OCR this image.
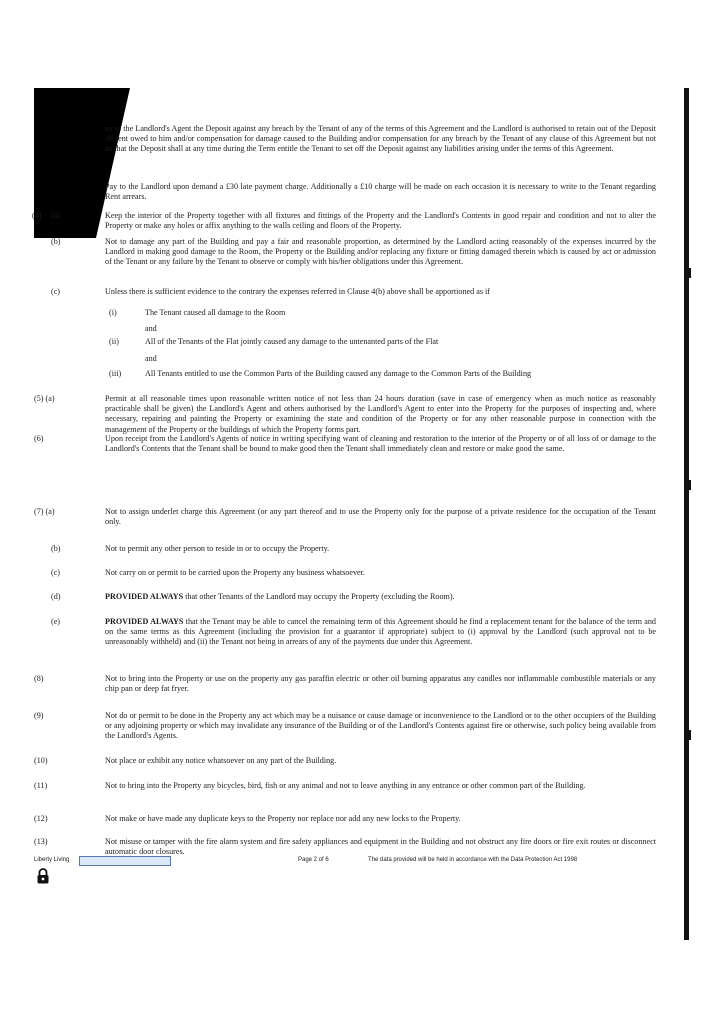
ay to the Landlord's Agent the Deposit against any breach by the Tenant of any of the terms of this Agreement and the Landlord is authorised to retain out of the Deposit all rent owed to him and/or compensation for damage caused to the Building and/or compensation for any breach by the Tenant of any clause of this Agreement but not so that the Deposit shall at any time during the Term entitle the Tenant to set off the Deposit against any liabilities arising under the terms of this Agreement.

Pay to the Landlord upon demand a £30 late payment charge. Additionally a £10 charge will be made on each occasion it is necessary to write to the Tenant regarding Rent arrears.

(4) (a)	Keep the interior of the Property together with all fixtures and fittings of the Property and the Landlord's Contents in good repair and condition and not to alter the Property or make any holes or affix anything to the walls ceiling and floors of the Property.

(b)	Not to damage any part of the Building and pay a fair and reasonable proportion, as determined by the Landlord acting reasonably of the expenses incurred by the Landlord in making good damage to the Room, the Property or the Building and/or replacing any fixture or fitting damaged therein which is caused by act or admission of the Tenant or any failure by the Tenant to observe or comply with his/her obligations under this Agreement.

(c)	Unless there is sufficient evidence to the contrary the expenses referred in Clause 4(b) above shall be apportioned as if

(i)	The Tenant caused all damage to the Room
and
(ii)	All of the Tenants of the Flat jointly caused any damage to the untenanted parts of the Flat
and
(iii)	All Tenants entitled to use the Common Parts of the Building caused any damage to the Common Parts of the Building
(5) (a)	Permit at all reasonable times upon reasonable written notice of not less than 24 hours duration (save in case of emergency when as much notice as reasonably practicable shall be given) the Landlord's Agent and others authorised by the Landlord's Agent to enter into the Property for the purposes of inspecting and, where necessary, repairing and painting the Property or examining the state and condition of the Property or for any other reasonable purpose in connection with the management of the Property or the buildings of which the Property forms part.

(6)	Upon receipt from the Landlord's Agents of notice in writing specifying want of cleaning and restoration to the interior of the Property or of all loss of or damage to the Landlord's Contents that the Tenant shall be bound to make good then the Tenant shall immediately clean and restore or make good the same.

(7) (a)	Not to assign underlet charge this Agreement (or any part thereof and to use the Property only for the purpose of a private residence for the occupation of the Tenant only.

(b)	Not to permit any other person to reside in or to occupy the Property.

(c)	Not carry on or permit to be carried upon the Property any business whatsoever.

(d)	PROVIDED ALWAYS that other Tenants of the Landlord may occupy the Property (excluding the Room).

(e)	PROVIDED ALWAYS that the Tenant may be able to cancel the remaining term of this Agreement should he find a replacement tenant for the balance of the term and on the same terms as this Agreement (including the provision for a guarantor if appropriate) subject to (i) approval by the Landlord (such approval not to be unreasonably withheld) and (ii) the Tenant not being in arrears of any of the payments due under this Agreement.

(8)	Not to bring into the Property or use on the property any gas paraffin electric or other oil burning apparatus any candles nor inflammable combustible materials or any chip pan or deep fat fryer.

(9)	Not do or permit to be done in the Property any act which may be a nuisance or cause damage or inconvenience to the Landlord or to the other occupiers of the Building or any adjoining property or which may invalidate any insurance of the Building or of the Landlord's Contents against fire or otherwise, such policy being available from the Landlord's Agents.

(10)	Not place or exhibit any notice whatsoever on any part of the Building.

(11)	Not to bring into the Property any bicycles, bird, fish or any animal and not to leave anything in any entrance or other common part of the Building.

(12)	Not make or have made any duplicate keys to the Property nor replace nor add any new locks to the Property.

(13)	Not misuse or tamper with the fire alarm system and fire safety appliances and equipment in the Building and not obstruct any fire doors or fire exit routes or disconnect automatic door closures.

Liberty Living	Page 2 of 6	The data provided will be held in accordance with the Data Protection Act 1998
